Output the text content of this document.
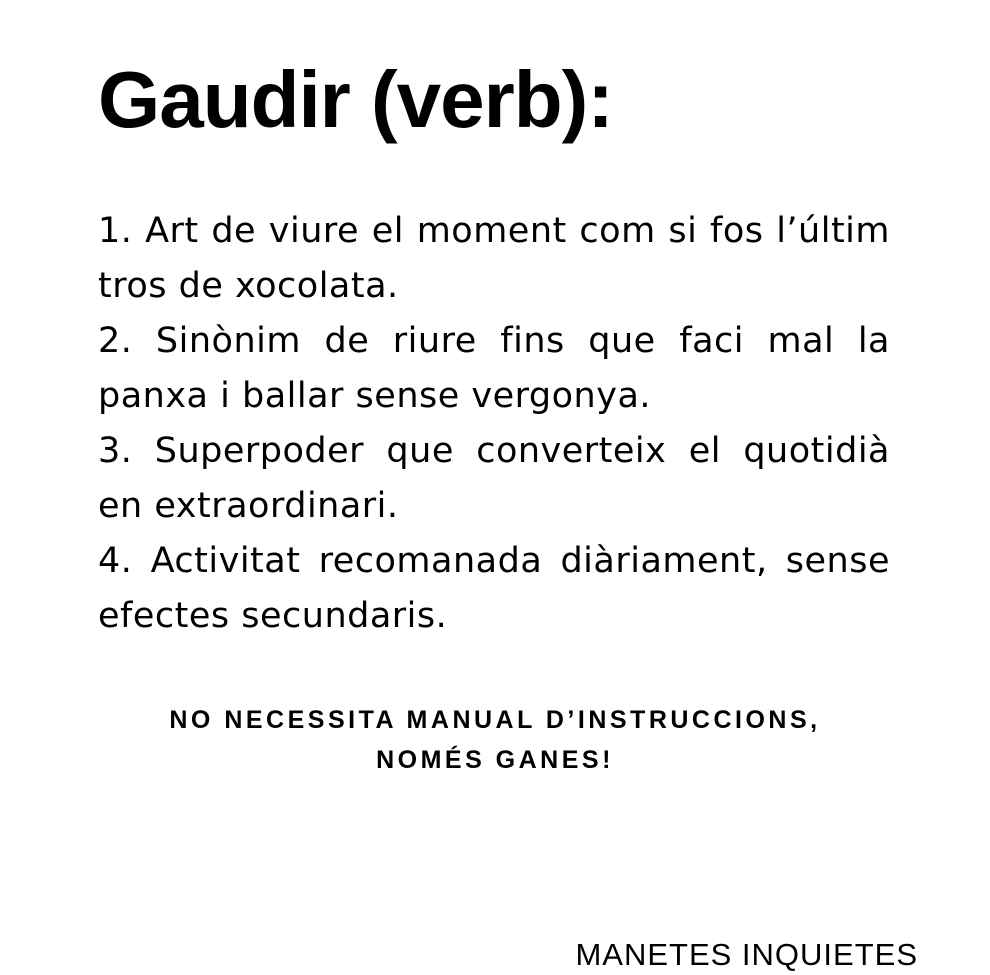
Gaudir (verb):
1. Art de viure el moment com si fos l’últim tros de xocolata.
2. Sinònim de riure fins que faci mal la panxa i ballar sense vergonya.
3. Superpoder que converteix el quotidià en extraordinari.
4. Activitat recomanada diàriament, sense efectes secundaris.

NO NECESSITA MANUAL D’INSTRUCCIONS,
NOMÉS GANES!

MANETES INQUIETES
